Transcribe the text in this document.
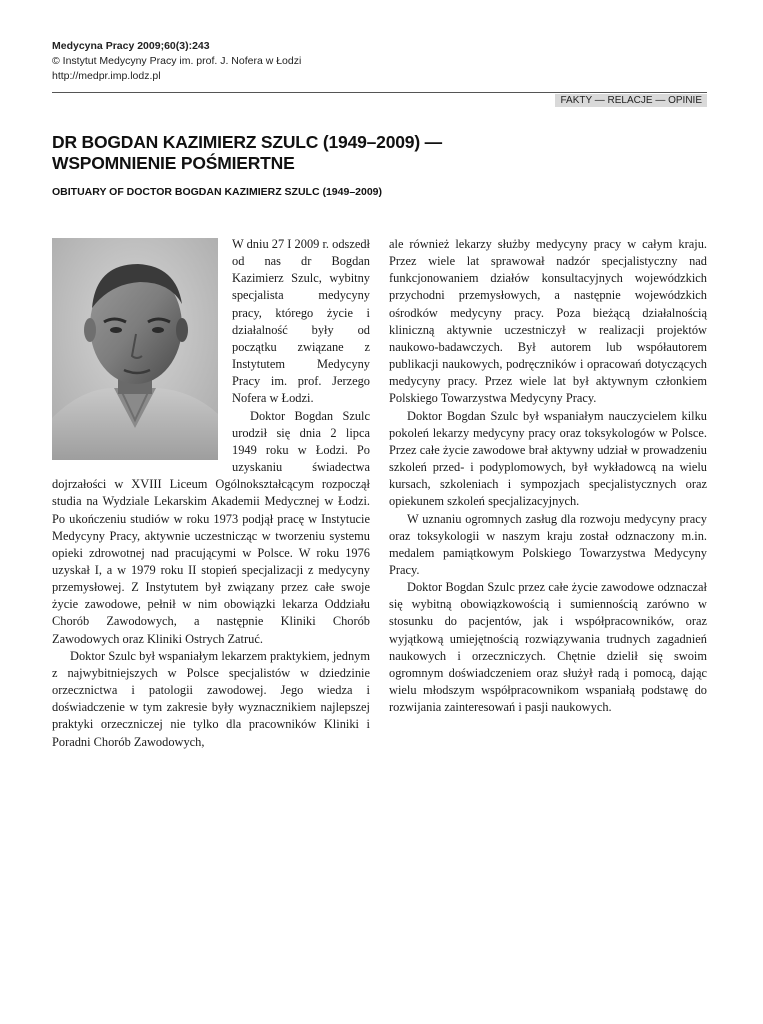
Medycyna Pracy 2009;60(3):243
© Instytut Medycyny Pracy im. prof. J. Nofera w Łodzi
http://medpr.imp.lodz.pl
FAKTY — RELACJE — OPINIE
DR BOGDAN KAZIMIERZ SZULC (1949–2009) —
WSPOMNIENIE POŚMIERTNE
OBITUARY OF DOCTOR BOGDAN KAZIMIERZ SZULC (1949–2009)

W dniu 27 I 2009 r. odszedł od nas dr Bogdan Kazimierz Szulc, wybitny specjalista medycyny pracy, którego życie i działalność były od początku związane z Instytutem Medycyny Pracy im. prof. Jerzego Nofera w Łodzi.

Doktor Bogdan Szulc urodził się dnia 2 lipca 1949 roku w Łodzi. Po uzyskaniu świadectwa dojrzałości w XVIII Liceum Ogólnokształcącym rozpoczął studia na Wydziale Lekarskim Akademii Medycznej w Łodzi. Po ukończeniu studiów w roku 1973 podjął pracę w Instytucie Medycyny Pracy, aktywnie uczestnicząc w tworzeniu systemu opieki zdrowotnej nad pracującymi w Polsce. W roku 1976 uzyskał I, a w 1979 roku II stopień specjalizacji z medycyny przemysłowej. Z Instytutem był związany przez całe swoje życie zawodowe, pełnił w nim obowiązki lekarza Oddziału Chorób Zawodowych, a następnie Kliniki Chorób Zawodowych oraz Kliniki Ostrych Zatruć.

Doktor Szulc był wspaniałym lekarzem praktykiem, jednym z najwybitniejszych w Polsce specjalistów w dziedzinie orzecznictwa i patologii zawodowej. Jego wiedza i doświadczenie w tym zakresie były wyznacznikiem najlepszej praktyki orzeczniczej nie tylko dla pracowników Kliniki i Poradni Chorób Zawodowych,

ale również lekarzy służby medycyny pracy w całym kraju. Przez wiele lat sprawował nadzór specjalistyczny nad funkcjonowaniem działów konsultacyjnych wojewódzkich przychodni przemysłowych, a następnie wojewódzkich ośrodków medycyny pracy. Poza bieżącą działalnością kliniczną aktywnie uczestniczył w realizacji projektów naukowo-badawczych. Był autorem lub współautorem publikacji naukowych, podręczników i opracowań dotyczących medycyny pracy. Przez wiele lat był aktywnym członkiem Polskiego Towarzystwa Medycyny Pracy.

Doktor Bogdan Szulc był wspaniałym nauczycielem kilku pokoleń lekarzy medycyny pracy oraz toksykologów w Polsce. Przez całe życie zawodowe brał aktywny udział w prowadzeniu szkoleń przed- i podyplomowych, był wykładowcą na wielu kursach, szkoleniach i sympozjach specjalistycznych oraz opiekunem szkoleń specjalizacyjnych.

W uznaniu ogromnych zasług dla rozwoju medycyny pracy oraz toksykologii w naszym kraju został odznaczony m.in. medalem pamiątkowym Polskiego Towarzystwa Medycyny Pracy.

Doktor Bogdan Szulc przez całe życie zawodowe odznaczał się wybitną obowiązkowością i sumiennością zarówno w stosunku do pacjentów, jak i współpracowników, oraz wyjątkową umiejętnością rozwiązywania trudnych zagadnień naukowych i orzeczniczych. Chętnie dzielił się swoim ogromnym doświadczeniem oraz służył radą i pomocą, dając wielu młodszym współpracownikom wspaniałą podstawę do rozwijania zainteresowań i pasji naukowych.
